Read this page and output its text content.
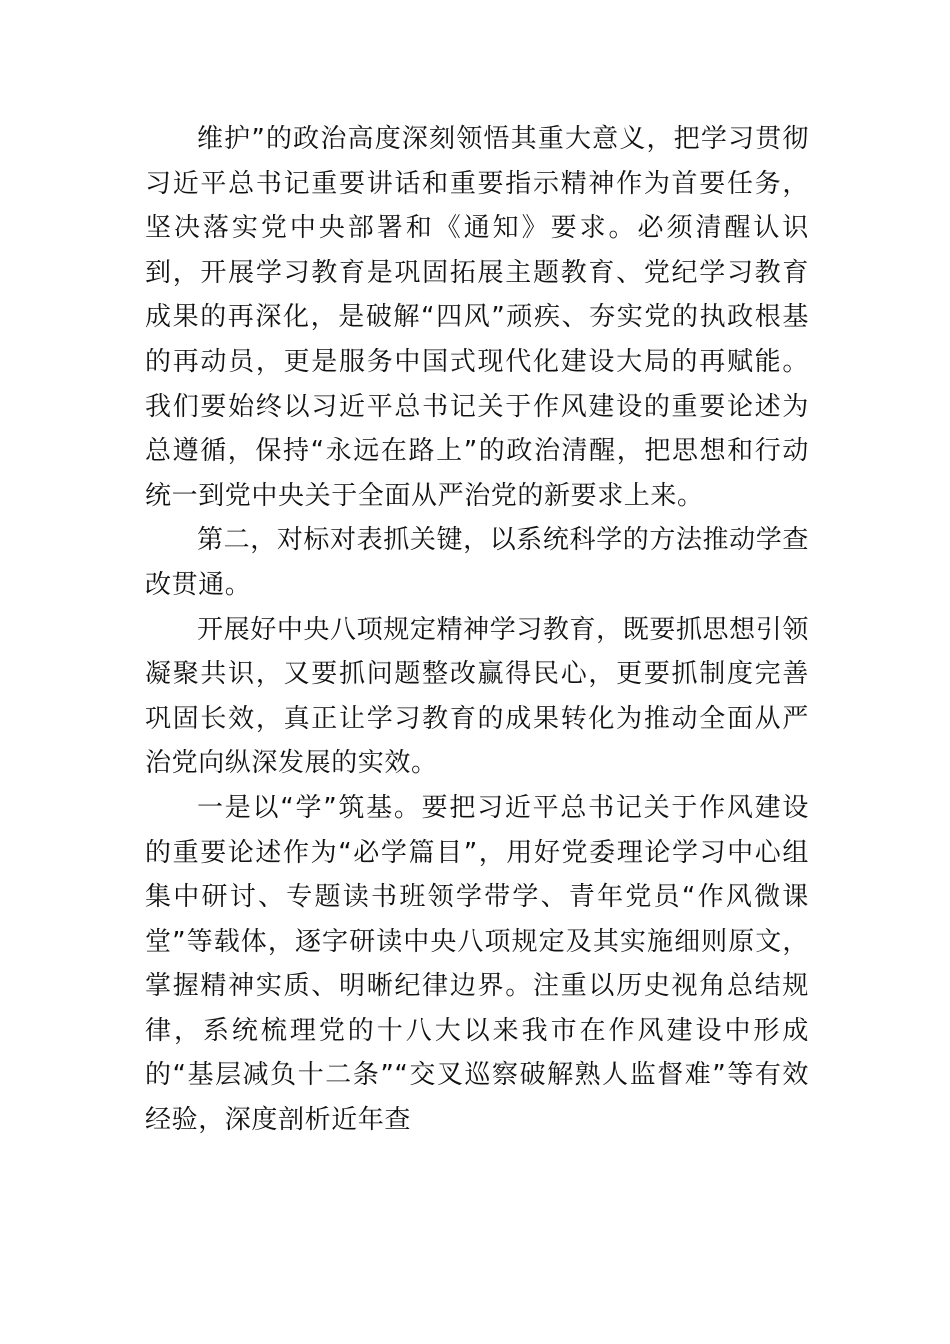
维护”的政治高度深刻领悟其重大意义，把学习贯彻习近平总书记重要讲话和重要指示精神作为首要任务，坚决落实党中央部署和《通知》要求。必须清醒认识到，开展学习教育是巩固拓展主题教育、党纪学习教育成果的再深化，是破解“四风”顽疾、夯实党的执政根基的再动员，更是服务中国式现代化建设大局的再赋能。我们要始终以习近平总书记关于作风建设的重要论述为总遵循，保持“永远在路上”的政治清醒，把思想和行动统一到党中央关于全面从严治党的新要求上来。

第二，对标对表抓关键，以系统科学的方法推动学查改贯通。

开展好中央八项规定精神学习教育，既要抓思想引领凝聚共识，又要抓问题整改赢得民心，更要抓制度完善巩固长效，真正让学习教育的成果转化为推动全面从严治党向纵深发展的实效。

一是以“学”筑基。要把习近平总书记关于作风建设的重要论述作为“必学篇目”，用好党委理论学习中心组集中研讨、专题读书班领学带学、青年党员“作风微课堂”等载体，逐字研读中央八项规定及其实施细则原文，掌握精神实质、明晰纪律边界。注重以历史视角总结规律，系统梳理党的十八大以来我市在作风建设中形成的“基层减负十二条”“交叉巡察破解熟人监督难”等有效经验，深度剖析近年查
